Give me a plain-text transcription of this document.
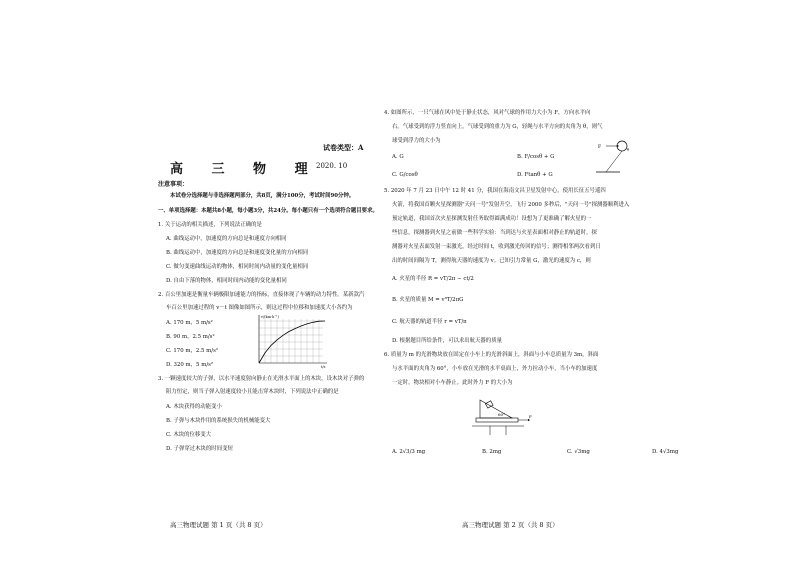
试卷类型：A
高 三 物 理
2020. 10
注意事项：
本试卷分选择题与非选择题两部分，共8页，满分100分，考试时间90分钟。
一、单项选择题：本题共8小题，每小题3分，共24分。每小题只有一个选项符合题目要求。
1. 关于运动的相关描述，下列说法正确的是
A. 曲线运动中，加速度的方向总是和速度方向相同
B. 曲线运动中，加速度的方向总是和速度变化量的方向相同
C. 做匀变速曲线运动的物体，相同时间内动量的变化量相同
D. 自由下落的物体，相同时间内动能的变化量相同
2. 百公里加速是衡量车辆极限加速能力的指标，直接体现了车辆的动力特性。某新款汽
车百公里加速过程的 v－t 图像如图所示，则这过程中位移和加速度大小各约为
A. 170 m，5 m/s²
B. 90 m，2.5 m/s²
C. 170 m，2.5 m/s²
D. 320 m，5 m/s²
v/(km·h⁻¹)
t/s
3. 一颗速度较大的子弹，以水平速度射向静止在光滑水平面上的木块，设木块对子弹的
阻力恒定，则当子弹入射速度较小且能击穿木块时，下列说法中正确的是
A. 木块获得的动能变小
B. 子弹与木块作用的系统损失的机械能变大
C. 木块的位移变大
D. 子弹穿过木块的时间变短
高三物理试题 第 1 页（共 8 页）
4. 如图所示，一只气球在风中处于静止状态，风对气球的作用力大小为 F，方向水平向
右。气球受到的浮力竖直向上，气球受到的重力为 G，轻绳与水平方向的夹角为 θ，则气
球受到浮力的大小为
A. G	B. F/cosθ + G
C. G/cosθ	D. Ftanθ + G
F	θ
5. 2020 年 7 月 23 日中午 12 时 41 分，我国在海南文昌卫星发射中心，使用长征五号遥四
火箭，将我国首颗火星探测器"天问一号"发射升空，飞行 2000 多秒后，"天问一号"探测器顺利进入
预定轨道，我国首次火星探测发射任务取得圆满成功！设想为了更准确了解火星的一
些信息，探测器到火星之前做一些科学实验：当到达与火星表面相对静止的轨道时，探
测器对火星表面发射一束激光，经过时间 t，收到激光传回的信号；测得相邻两次看到日
出的时间间隔为 T，测得航天器的速度为 v。已知引力常量 G，激光的速度为 c，则
A. 火星的半径 R = vT/2π − ct/2
B. 火星的质量 M = v³T/2πG
C. 航天器的轨道半径 r = vT/π
D. 根据题目所给条件，可以求出航天器的质量
6. 质量为 m 的光滑物块放在固定在小车上的光滑斜面上，斜面与小车总质量为 3m，斜面
与水平面的夹角为 60°，小车放在光滑的水平桌面上，外力拉动小车，当小车的加速度
一定时，物块相对小车静止。此时外力 F 的大小为
60°	F
A. 2√3/3 mg	B. 2mg	C. √3mg	D. 4√3mg
高三物理试题 第 2 页（共 8 页）
